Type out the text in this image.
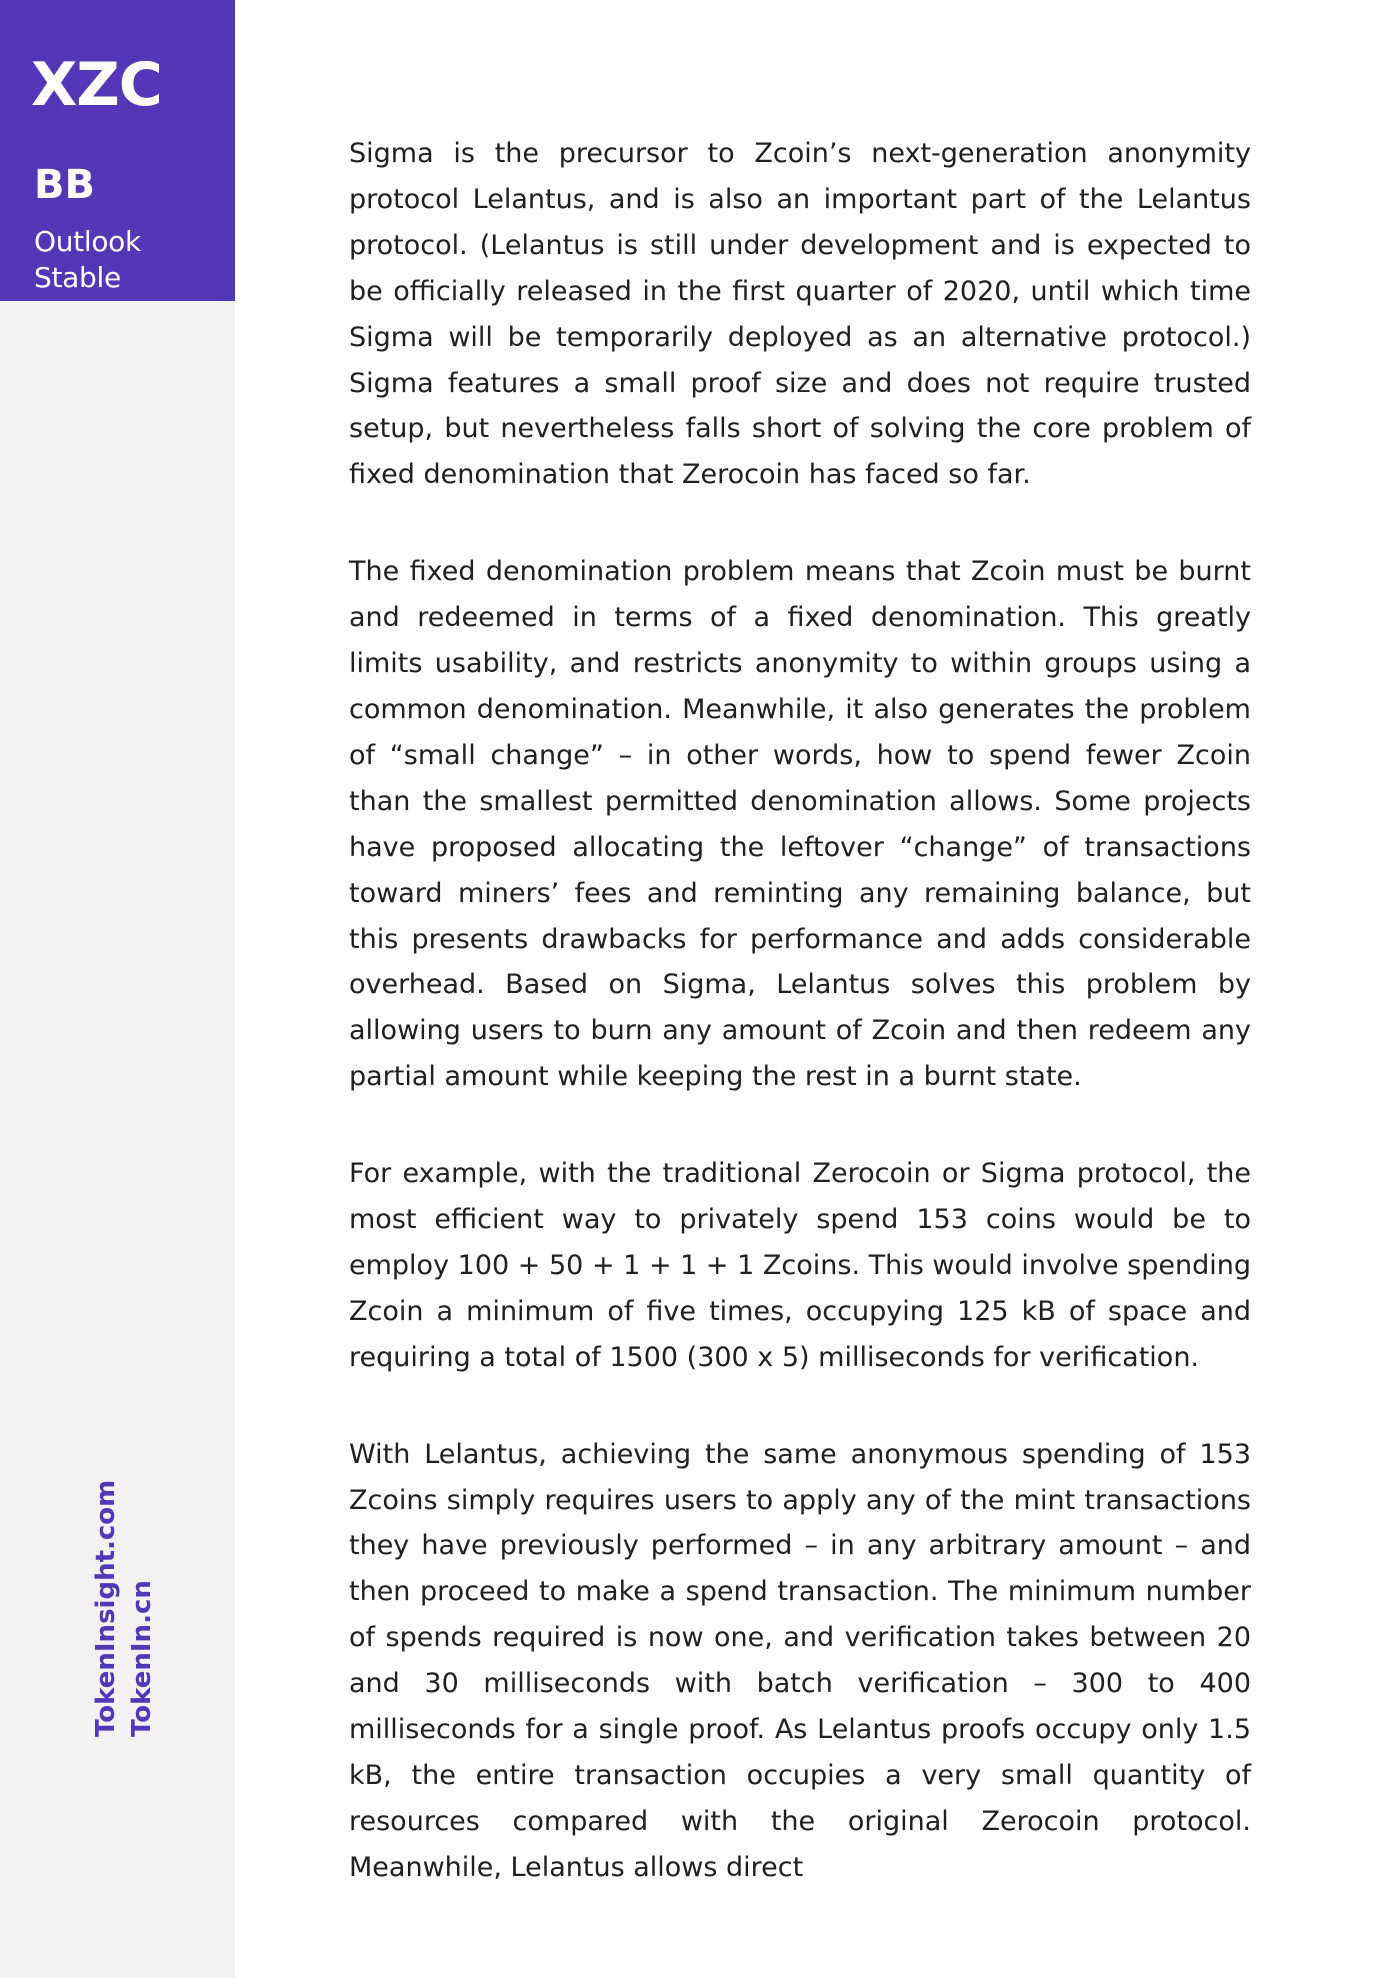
XZC
BB
Outlook Stable
TokenInsight.com TokenIn.cn

Sigma is the precursor to Zcoin’s next-generation anonymity protocol Lelantus, and is also an important part of the Lelantus protocol. (Lelantus is still under development and is expected to be officially released in the first quarter of 2020, until which time Sigma will be temporarily deployed as an alternative protocol.) Sigma features a small proof size and does not require trusted setup, but nevertheless falls short of solving the core problem of fixed denomination that Zerocoin has faced so far.

The fixed denomination problem means that Zcoin must be burnt and redeemed in terms of a fixed denomination. This greatly limits usability, and restricts anonymity to within groups using a common denomination. Meanwhile, it also generates the problem of “small change” – in other words, how to spend fewer Zcoin than the smallest permitted denomination allows. Some projects have proposed allocating the leftover “change” of transactions toward miners’ fees and reminting any remaining balance, but this presents drawbacks for performance and adds considerable overhead. Based on Sigma, Lelantus solves this problem by allowing users to burn any amount of Zcoin and then redeem any partial amount while keeping the rest in a burnt state.

For example, with the traditional Zerocoin or Sigma protocol, the most efficient way to privately spend 153 coins would be to employ 100 + 50 + 1 + 1 + 1 Zcoins. This would involve spending Zcoin a minimum of five times, occupying 125 kB of space and requiring a total of 1500 (300 x 5) milliseconds for verification.

With Lelantus, achieving the same anonymous spending of 153 Zcoins simply requires users to apply any of the mint transactions they have previously performed – in any arbitrary amount – and then proceed to make a spend transaction. The minimum number of spends required is now one, and verification takes between 20 and 30 milliseconds with batch verification – 300 to 400 milliseconds for a single proof. As Lelantus proofs occupy only 1.5 kB, the entire transaction occupies a very small quantity of resources compared with the original Zerocoin protocol. Meanwhile, Lelantus allows direct
